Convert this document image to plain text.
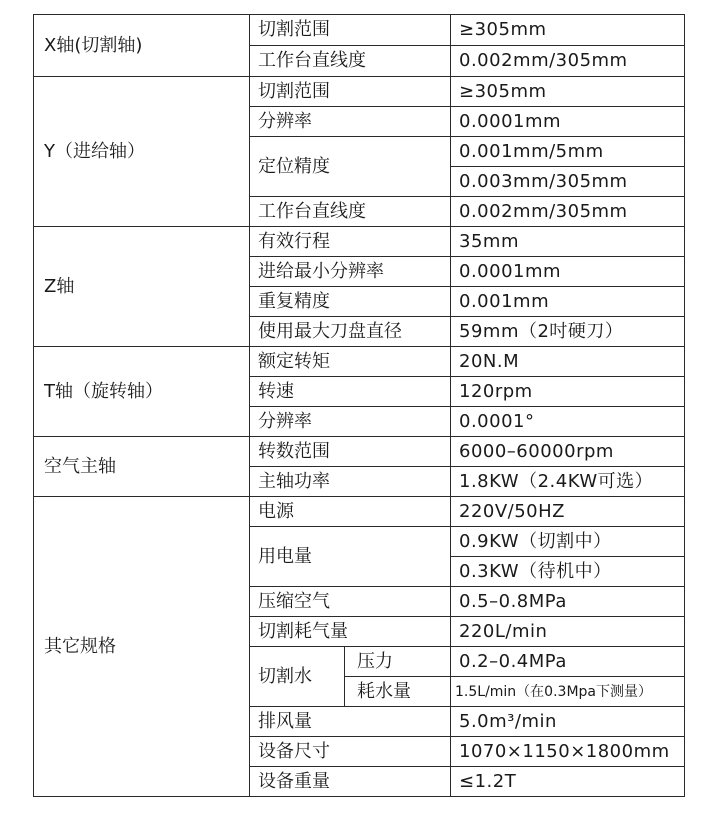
X轴(切割轴)	切割范围		≥305mm
	工作台直线度		0.002mm/305mm
Y（进给轴）	切割范围		≥305mm
	分辨率		0.0001mm
	定位精度		0.001mm/5mm
			0.003mm/305mm
	工作台直线度		0.002mm/305mm
Z轴	有效行程		35mm
	进给最小分辨率		0.0001mm
	重复精度		0.001mm
	使用最大刀盘直径		59mm（2吋硬刀）
T轴（旋转轴）	额定转矩		20N.M
	转速		120rpm
	分辨率		0.0001°
空气主轴	转数范围		6000–60000rpm
	主轴功率		1.8KW（2.4KW可选）
其它规格	电源		220V/50HZ
	用电量		0.9KW（切割中）
			0.3KW（待机中）
	压缩空气		0.5–0.8MPa
	切割耗气量		220L/min
	切割水	压力	0.2–0.4MPa
		耗水量	1.5L/min（在0.3Mpa下测量）
	排风量		5.0m³/min
	设备尺寸		1070×1150×1800mm
	设备重量		≤1.2T
